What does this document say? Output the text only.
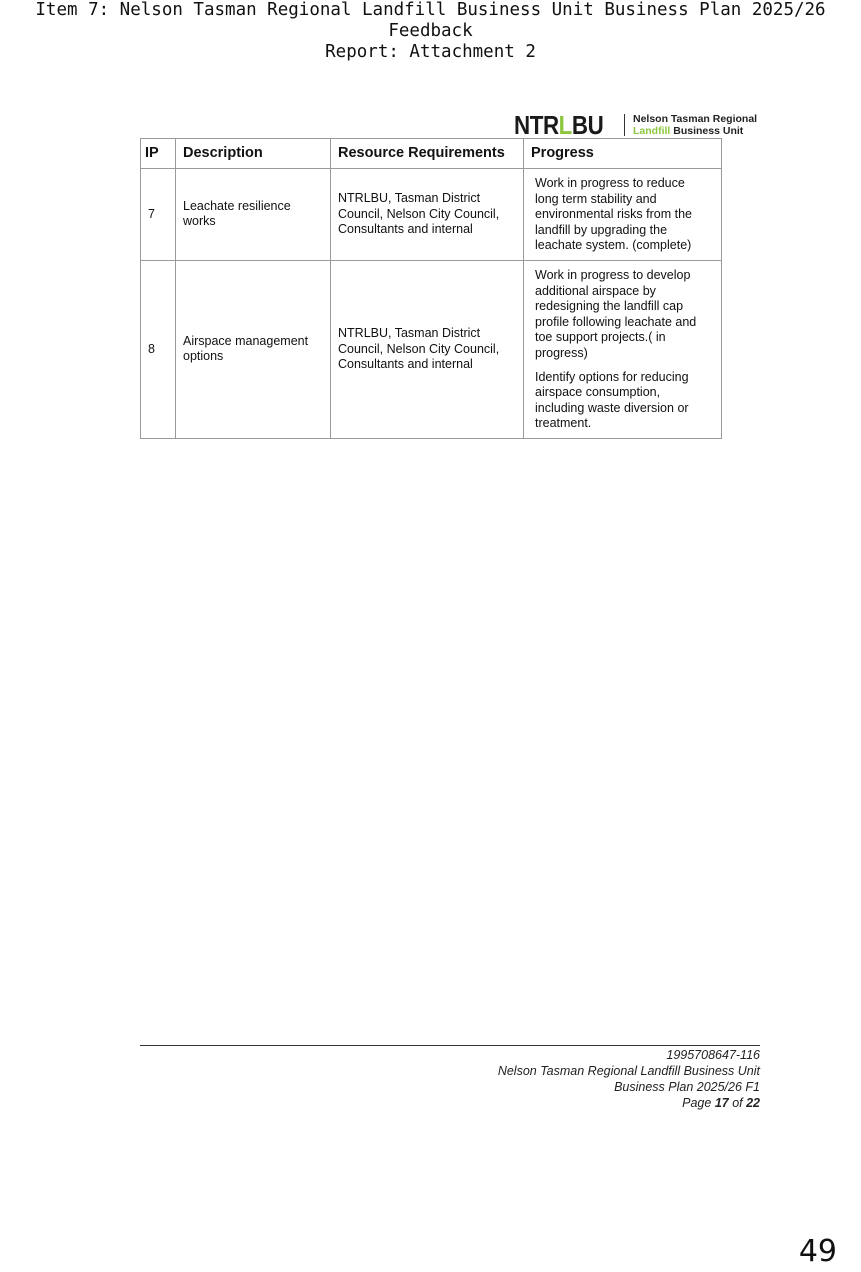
Item 7: Nelson Tasman Regional Landfill Business Unit Business Plan 2025/26 Feedback
Report: Attachment 2
NTRLBU	Nelson Tasman Regional
Landfill Business Unit
IP	Description	Resource Requirements	Progress
7	Leachate resilience works	NTRLBU, Tasman District Council, Nelson City Council, Consultants and internal	Work in progress to reduce long term stability and environmental risks from the landfill by upgrading the leachate system. (complete)

8	Airspace management options	NTRLBU, Tasman District Council, Nelson City Council, Consultants and internal	Work in progress to develop additional airspace by redesigning the landfill cap profile following leachate and toe support projects.( in progress)

Identify options for reducing airspace consumption, including waste diversion or treatment.

1995708647-116
Nelson Tasman Regional Landfill Business Unit
Business Plan 2025/26 F1
Page 17 of 22
49
